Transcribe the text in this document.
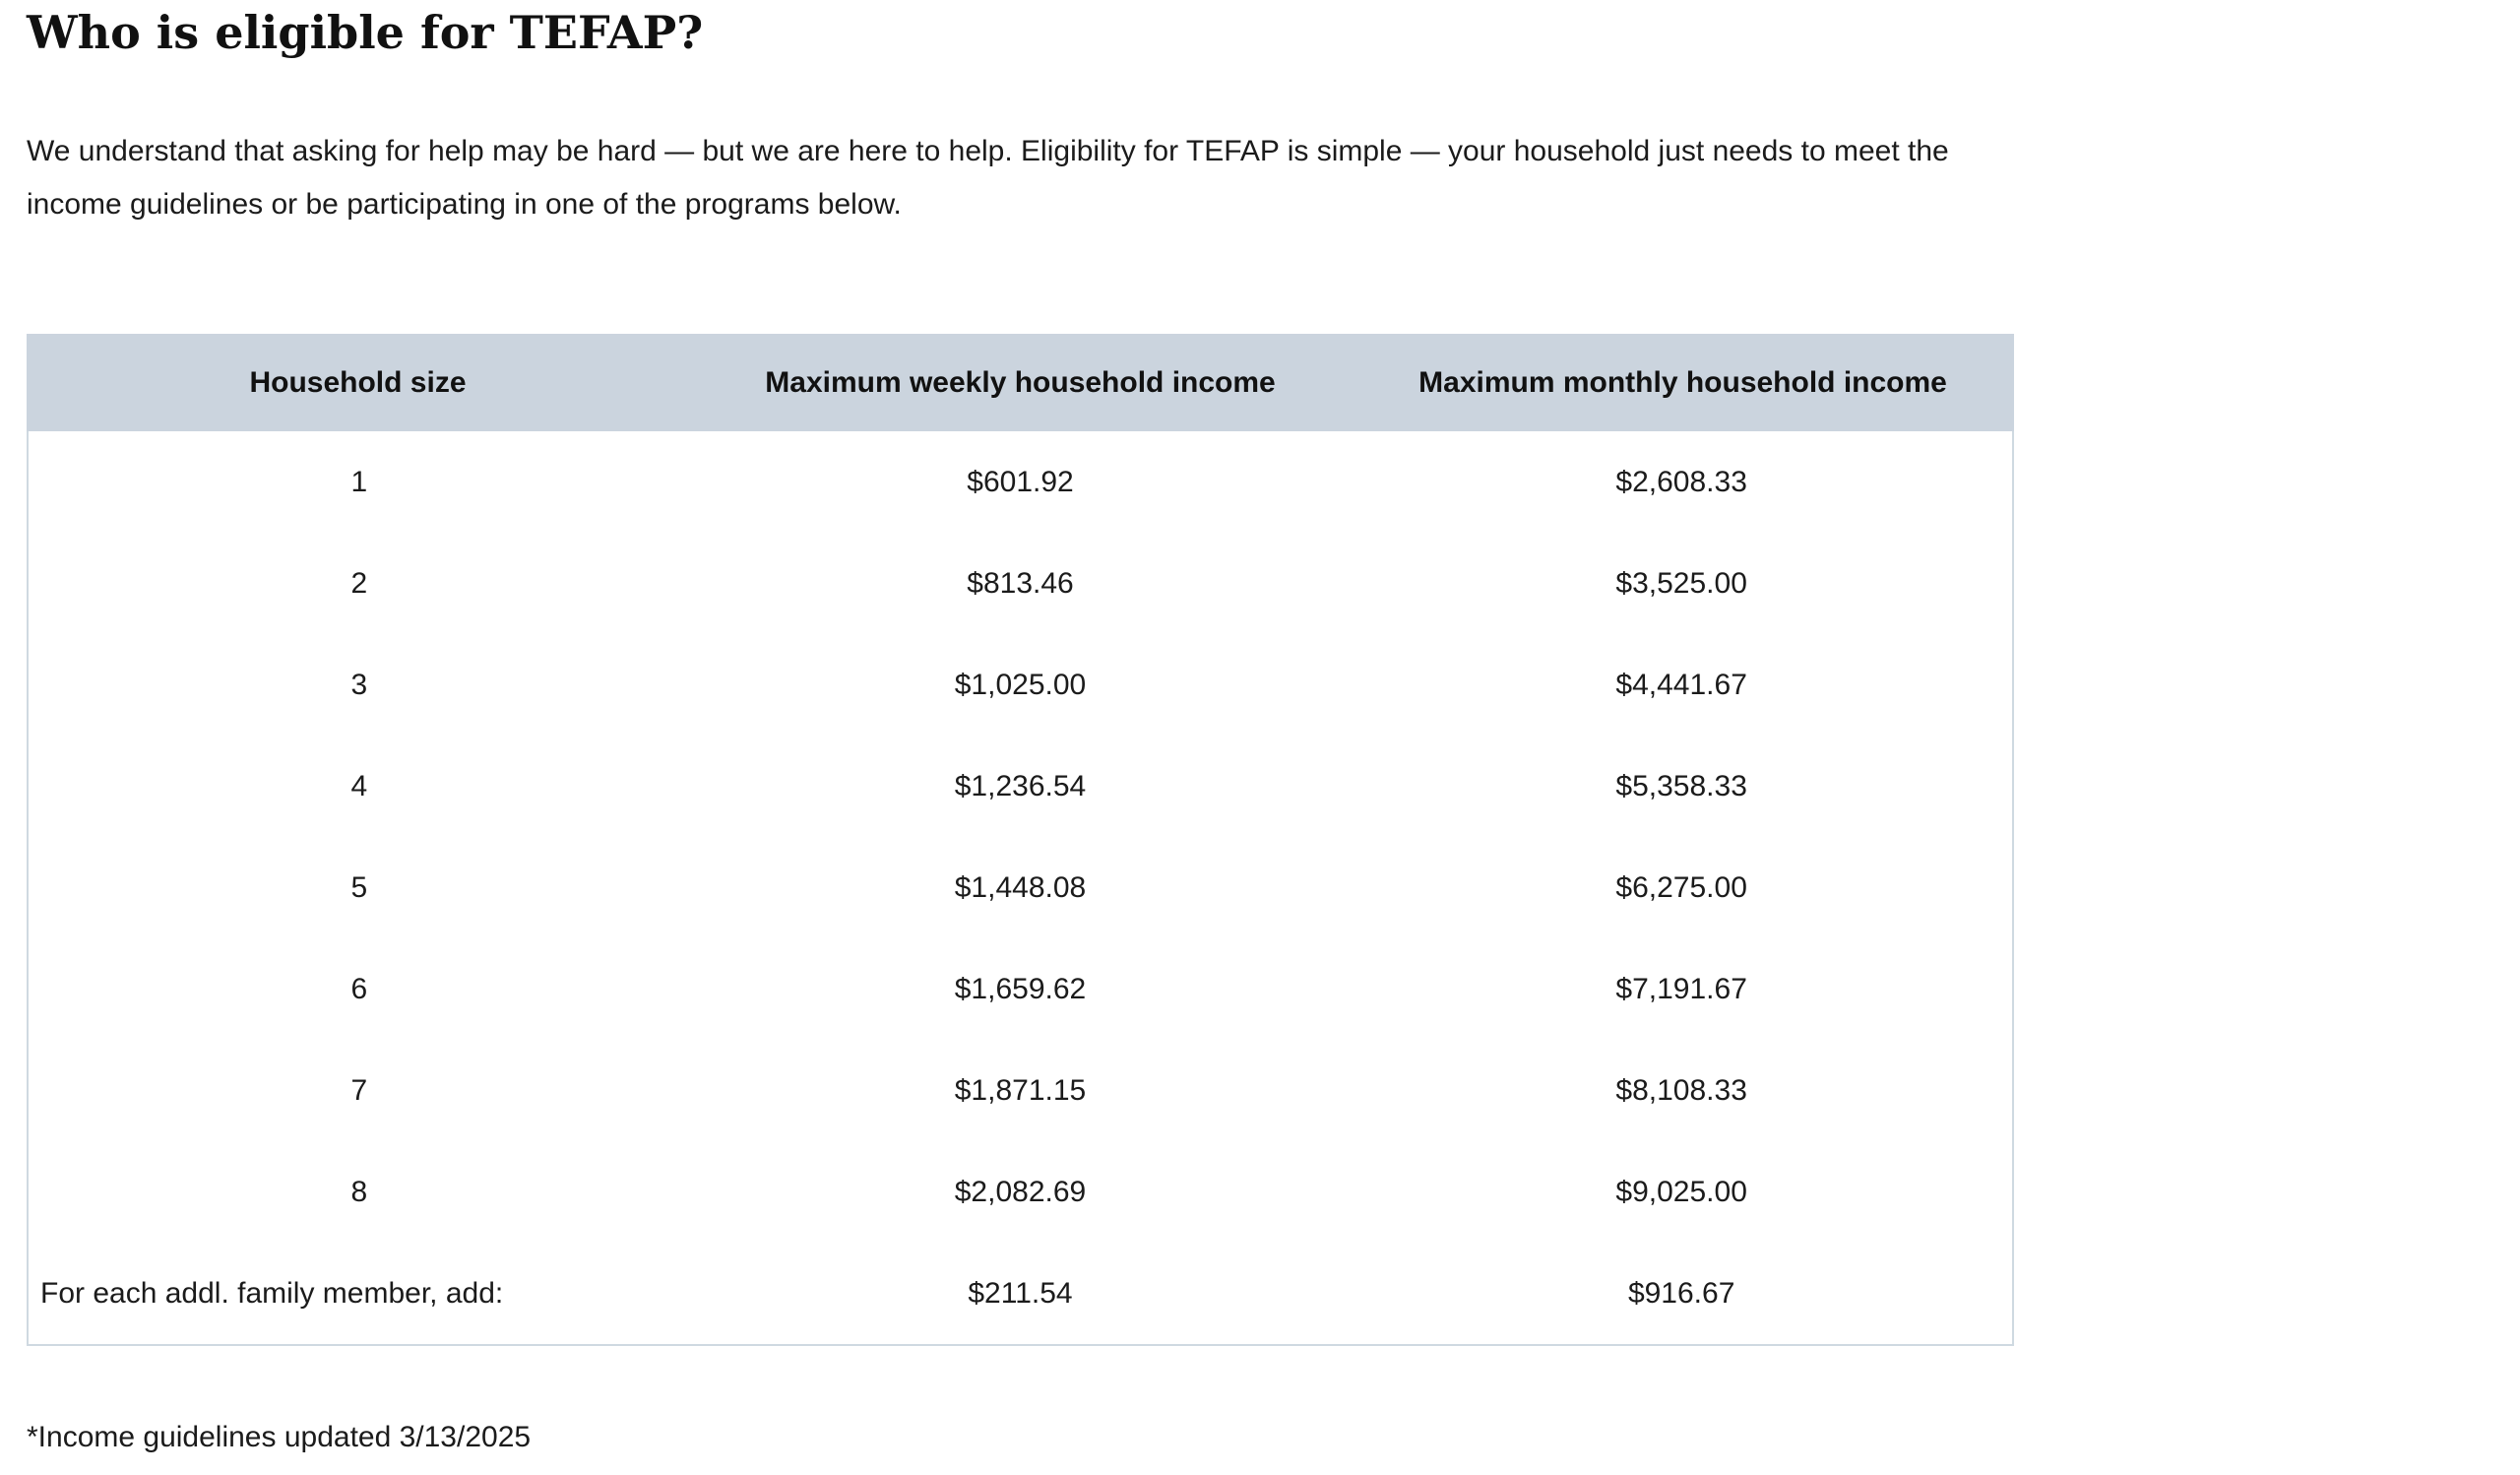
Who is eligible for TEFAP?
We understand that asking for help may be hard — but we are here to help. Eligibility for TEFAP is simple — your household just needs to meet the
income guidelines or be participating in one of the programs below.
Household size	Maximum weekly household income	Maximum monthly household income
1	$601.92	$2,608.33
2	$813.46	$3,525.00
3	$1,025.00	$4,441.67
4	$1,236.54	$5,358.33
5	$1,448.08	$6,275.00
6	$1,659.62	$7,191.67
7	$1,871.15	$8,108.33
8	$2,082.69	$9,025.00
For each addl. family member, add:	$211.54	$916.67
*Income guidelines updated 3/13/2025
